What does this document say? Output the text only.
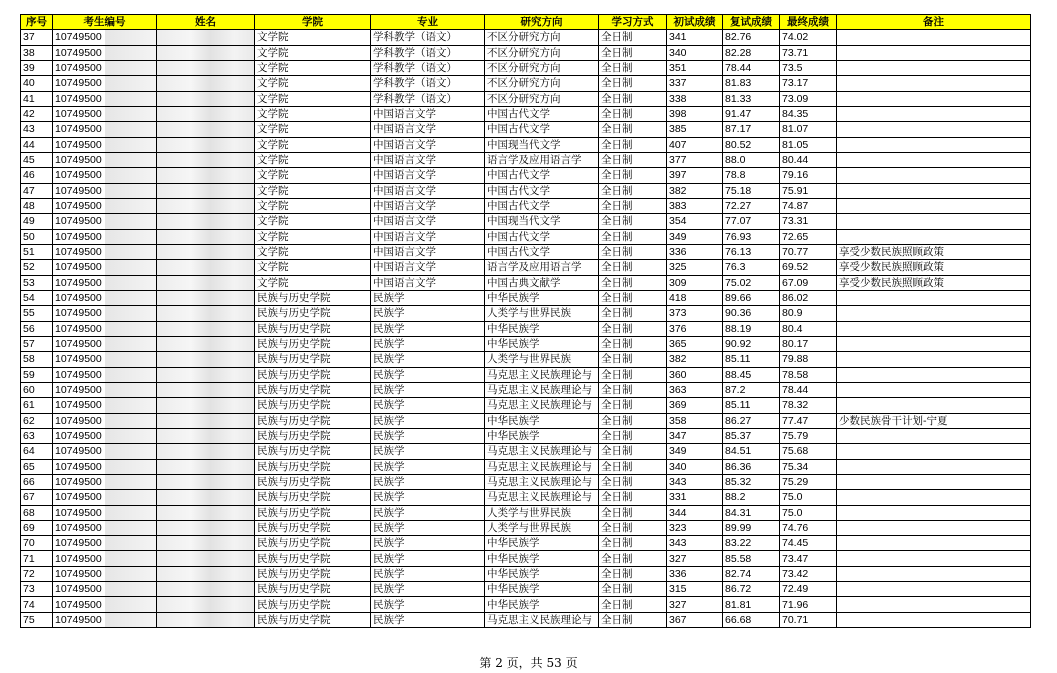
序号	考生编号	姓名	学院	专业	研究方向	学习方式	初试成绩	复试成绩	最终成绩	备注
37	10749500		文学院	学科教学（语文）	不区分研究方向	全日制	341	82.76	74.02	
38	10749500		文学院	学科教学（语文）	不区分研究方向	全日制	340	82.28	73.71	
39	10749500		文学院	学科教学（语文）	不区分研究方向	全日制	351	78.44	73.5	
40	10749500		文学院	学科教学（语文）	不区分研究方向	全日制	337	81.83	73.17	
41	10749500		文学院	学科教学（语文）	不区分研究方向	全日制	338	81.33	73.09	
42	10749500		文学院	中国语言文学	中国古代文学	全日制	398	91.47	84.35	
43	10749500		文学院	中国语言文学	中国古代文学	全日制	385	87.17	81.07	
44	10749500		文学院	中国语言文学	中国现当代文学	全日制	407	80.52	81.05	
45	10749500		文学院	中国语言文学	语言学及应用语言学	全日制	377	88.0	80.44	
46	10749500		文学院	中国语言文学	中国古代文学	全日制	397	78.8	79.16	
47	10749500		文学院	中国语言文学	中国古代文学	全日制	382	75.18	75.91	
48	10749500		文学院	中国语言文学	中国古代文学	全日制	383	72.27	74.87	
49	10749500		文学院	中国语言文学	中国现当代文学	全日制	354	77.07	73.31	
50	10749500		文学院	中国语言文学	中国古代文学	全日制	349	76.93	72.65	
51	10749500		文学院	中国语言文学	中国古代文学	全日制	336	76.13	70.77	享受少数民族照顾政策
52	10749500		文学院	中国语言文学	语言学及应用语言学	全日制	325	76.3	69.52	享受少数民族照顾政策
53	10749500		文学院	中国语言文学	中国古典文献学	全日制	309	75.02	67.09	享受少数民族照顾政策
54	10749500		民族与历史学院	民族学	中华民族学	全日制	418	89.66	86.02	
55	10749500		民族与历史学院	民族学	人类学与世界民族	全日制	373	90.36	80.9	
56	10749500		民族与历史学院	民族学	中华民族学	全日制	376	88.19	80.4	
57	10749500		民族与历史学院	民族学	中华民族学	全日制	365	90.92	80.17	
58	10749500		民族与历史学院	民族学	人类学与世界民族	全日制	382	85.11	79.88	
59	10749500		民族与历史学院	民族学	马克思主义民族理论与	全日制	360	88.45	78.58	
60	10749500		民族与历史学院	民族学	马克思主义民族理论与	全日制	363	87.2	78.44	
61	10749500		民族与历史学院	民族学	马克思主义民族理论与	全日制	369	85.11	78.32	
62	10749500		民族与历史学院	民族学	中华民族学	全日制	358	86.27	77.47	少数民族骨干计划-宁夏
63	10749500		民族与历史学院	民族学	中华民族学	全日制	347	85.37	75.79	
64	10749500		民族与历史学院	民族学	马克思主义民族理论与	全日制	349	84.51	75.68	
65	10749500		民族与历史学院	民族学	马克思主义民族理论与	全日制	340	86.36	75.34	
66	10749500		民族与历史学院	民族学	马克思主义民族理论与	全日制	343	85.32	75.29	
67	10749500		民族与历史学院	民族学	马克思主义民族理论与	全日制	331	88.2	75.0	
68	10749500		民族与历史学院	民族学	人类学与世界民族	全日制	344	84.31	75.0	
69	10749500		民族与历史学院	民族学	人类学与世界民族	全日制	323	89.99	74.76	
70	10749500		民族与历史学院	民族学	中华民族学	全日制	343	83.22	74.45	
71	10749500		民族与历史学院	民族学	中华民族学	全日制	327	85.58	73.47	
72	10749500		民族与历史学院	民族学	中华民族学	全日制	336	82.74	73.42	
73	10749500		民族与历史学院	民族学	中华民族学	全日制	315	86.72	72.49	
74	10749500		民族与历史学院	民族学	中华民族学	全日制	327	81.81	71.96	
75	10749500		民族与历史学院	民族学	马克思主义民族理论与	全日制	367	66.68	70.71	
第 2 页，共 53 页
